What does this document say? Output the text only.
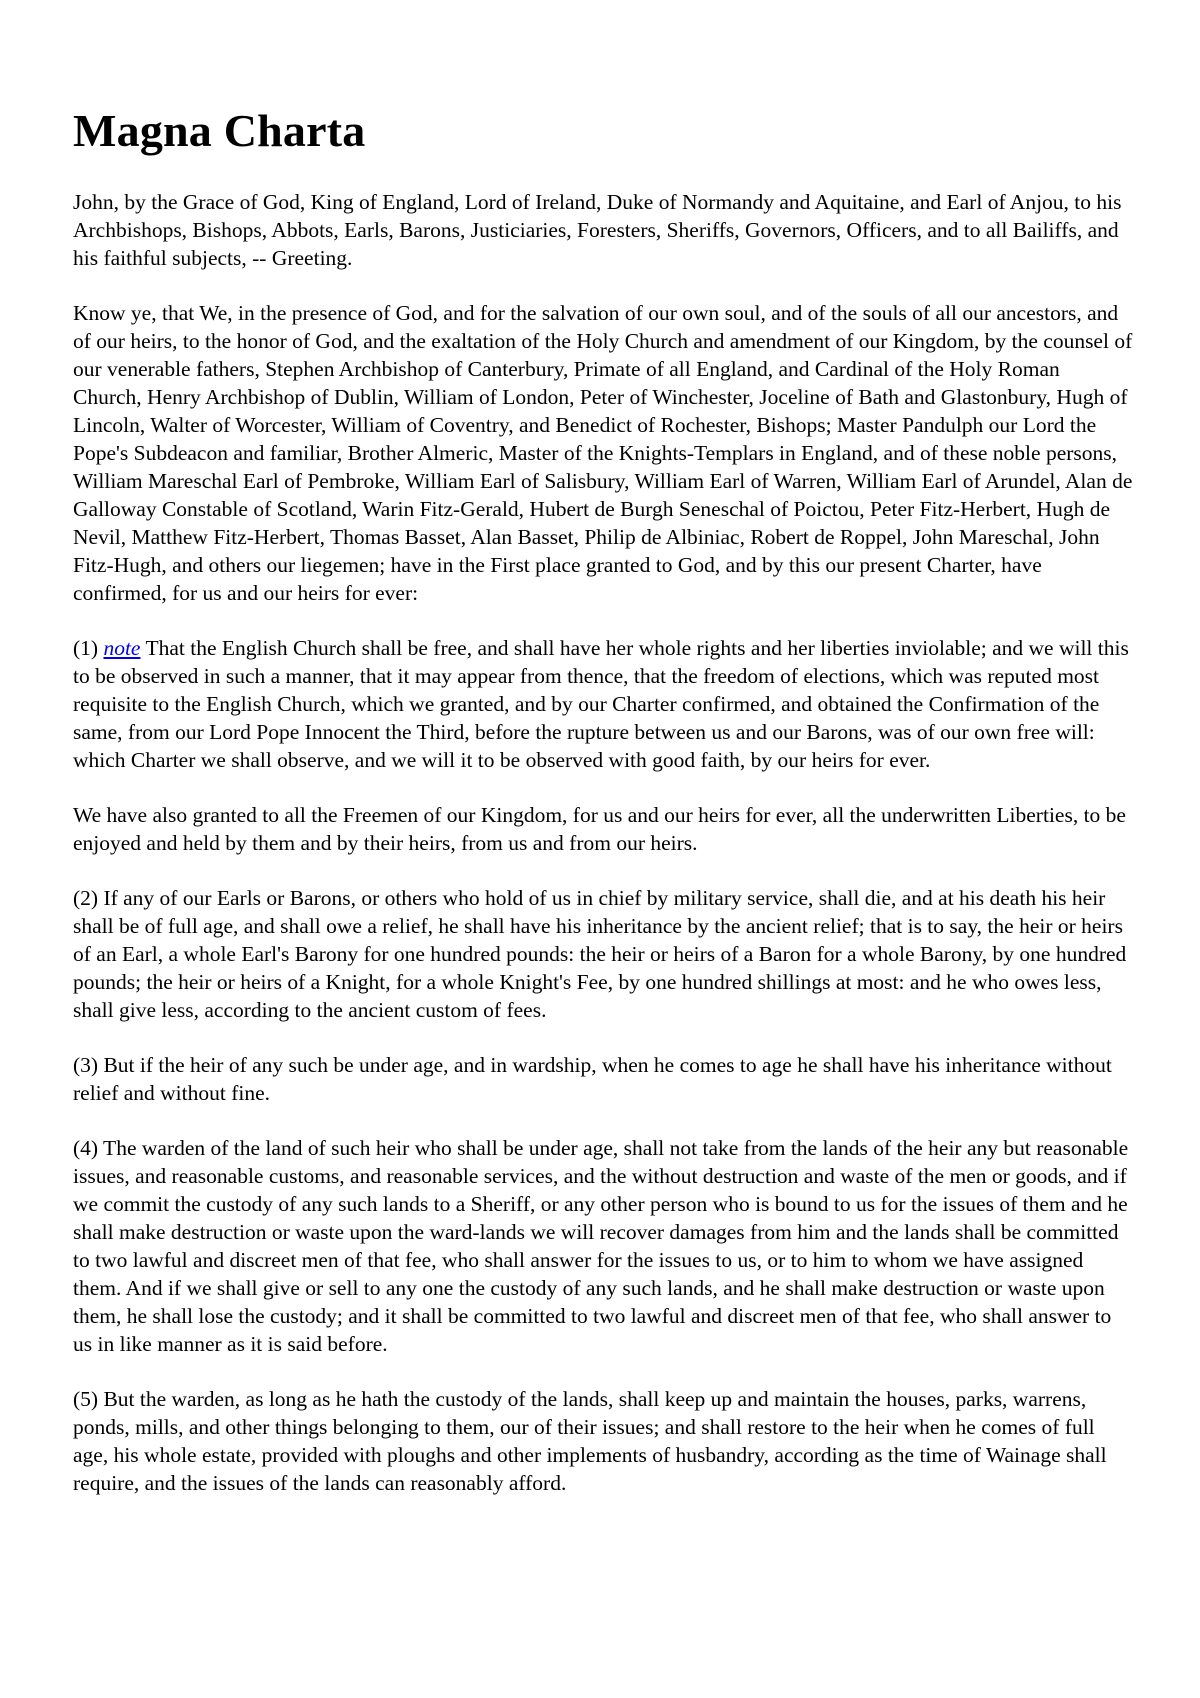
Magna Charta

John, by the Grace of God, King of England, Lord of Ireland, Duke of Normandy and Aquitaine, and Earl of Anjou, to his Archbishops, Bishops, Abbots, Earls, Barons, Justiciaries, Foresters, Sheriffs, Governors, Officers, and to all Bailiffs, and his faithful subjects, -- Greeting.

Know ye, that We, in the presence of God, and for the salvation of our own soul, and of the souls of all our ancestors, and of our heirs, to the honor of God, and the exaltation of the Holy Church and amendment of our Kingdom, by the counsel of our venerable fathers, Stephen Archbishop of Canterbury, Primate of all England, and Cardinal of the Holy Roman Church, Henry Archbishop of Dublin, William of London, Peter of Winchester, Joceline of Bath and Glastonbury, Hugh of Lincoln, Walter of Worcester, William of Coventry, and Benedict of Rochester, Bishops; Master Pandulph our Lord the Pope's Subdeacon and familiar, Brother Almeric, Master of the Knights-Templars in England, and of these noble persons, William Mareschal Earl of Pembroke, William Earl of Salisbury, William Earl of Warren, William Earl of Arundel, Alan de Galloway Constable of Scotland, Warin Fitz-Gerald, Hubert de Burgh Seneschal of Poictou, Peter Fitz-Herbert, Hugh de Nevil, Matthew Fitz-Herbert, Thomas Basset, Alan Basset, Philip de Albiniac, Robert de Roppel, John Mareschal, John Fitz-Hugh, and others our liegemen; have in the First place granted to God, and by this our present Charter, have confirmed, for us and our heirs for ever:

(1) note That the English Church shall be free, and shall have her whole rights and her liberties inviolable; and we will this to be observed in such a manner, that it may appear from thence, that the freedom of elections, which was reputed most requisite to the English Church, which we granted, and by our Charter confirmed, and obtained the Confirmation of the same, from our Lord Pope Innocent the Third, before the rupture between us and our Barons, was of our own free will: which Charter we shall observe, and we will it to be observed with good faith, by our heirs for ever.

We have also granted to all the Freemen of our Kingdom, for us and our heirs for ever, all the underwritten Liberties, to be enjoyed and held by them and by their heirs, from us and from our heirs.

(2) If any of our Earls or Barons, or others who hold of us in chief by military service, shall die, and at his death his heir shall be of full age, and shall owe a relief, he shall have his inheritance by the ancient relief; that is to say, the heir or heirs of an Earl, a whole Earl's Barony for one hundred pounds: the heir or heirs of a Baron for a whole Barony, by one hundred pounds; the heir or heirs of a Knight, for a whole Knight's Fee, by one hundred shillings at most: and he who owes less, shall give less, according to the ancient custom of fees.

(3) But if the heir of any such be under age, and in wardship, when he comes to age he shall have his inheritance without relief and without fine.

(4) The warden of the land of such heir who shall be under age, shall not take from the lands of the heir any but reasonable issues, and reasonable customs, and reasonable services, and the without destruction and waste of the men or goods, and if we commit the custody of any such lands to a Sheriff, or any other person who is bound to us for the issues of them and he shall make destruction or waste upon the ward-lands we will recover damages from him and the lands shall be committed to two lawful and discreet men of that fee, who shall answer for the issues to us, or to him to whom we have assigned them. And if we shall give or sell to any one the custody of any such lands, and he shall make destruction or waste upon them, he shall lose the custody; and it shall be committed to two lawful and discreet men of that fee, who shall answer to us in like manner as it is said before.

(5) But the warden, as long as he hath the custody of the lands, shall keep up and maintain the houses, parks, warrens, ponds, mills, and other things belonging to them, our of their issues; and shall restore to the heir when he comes of full age, his whole estate, provided with ploughs and other implements of husbandry, according as the time of Wainage shall require, and the issues of the lands can reasonably afford.
